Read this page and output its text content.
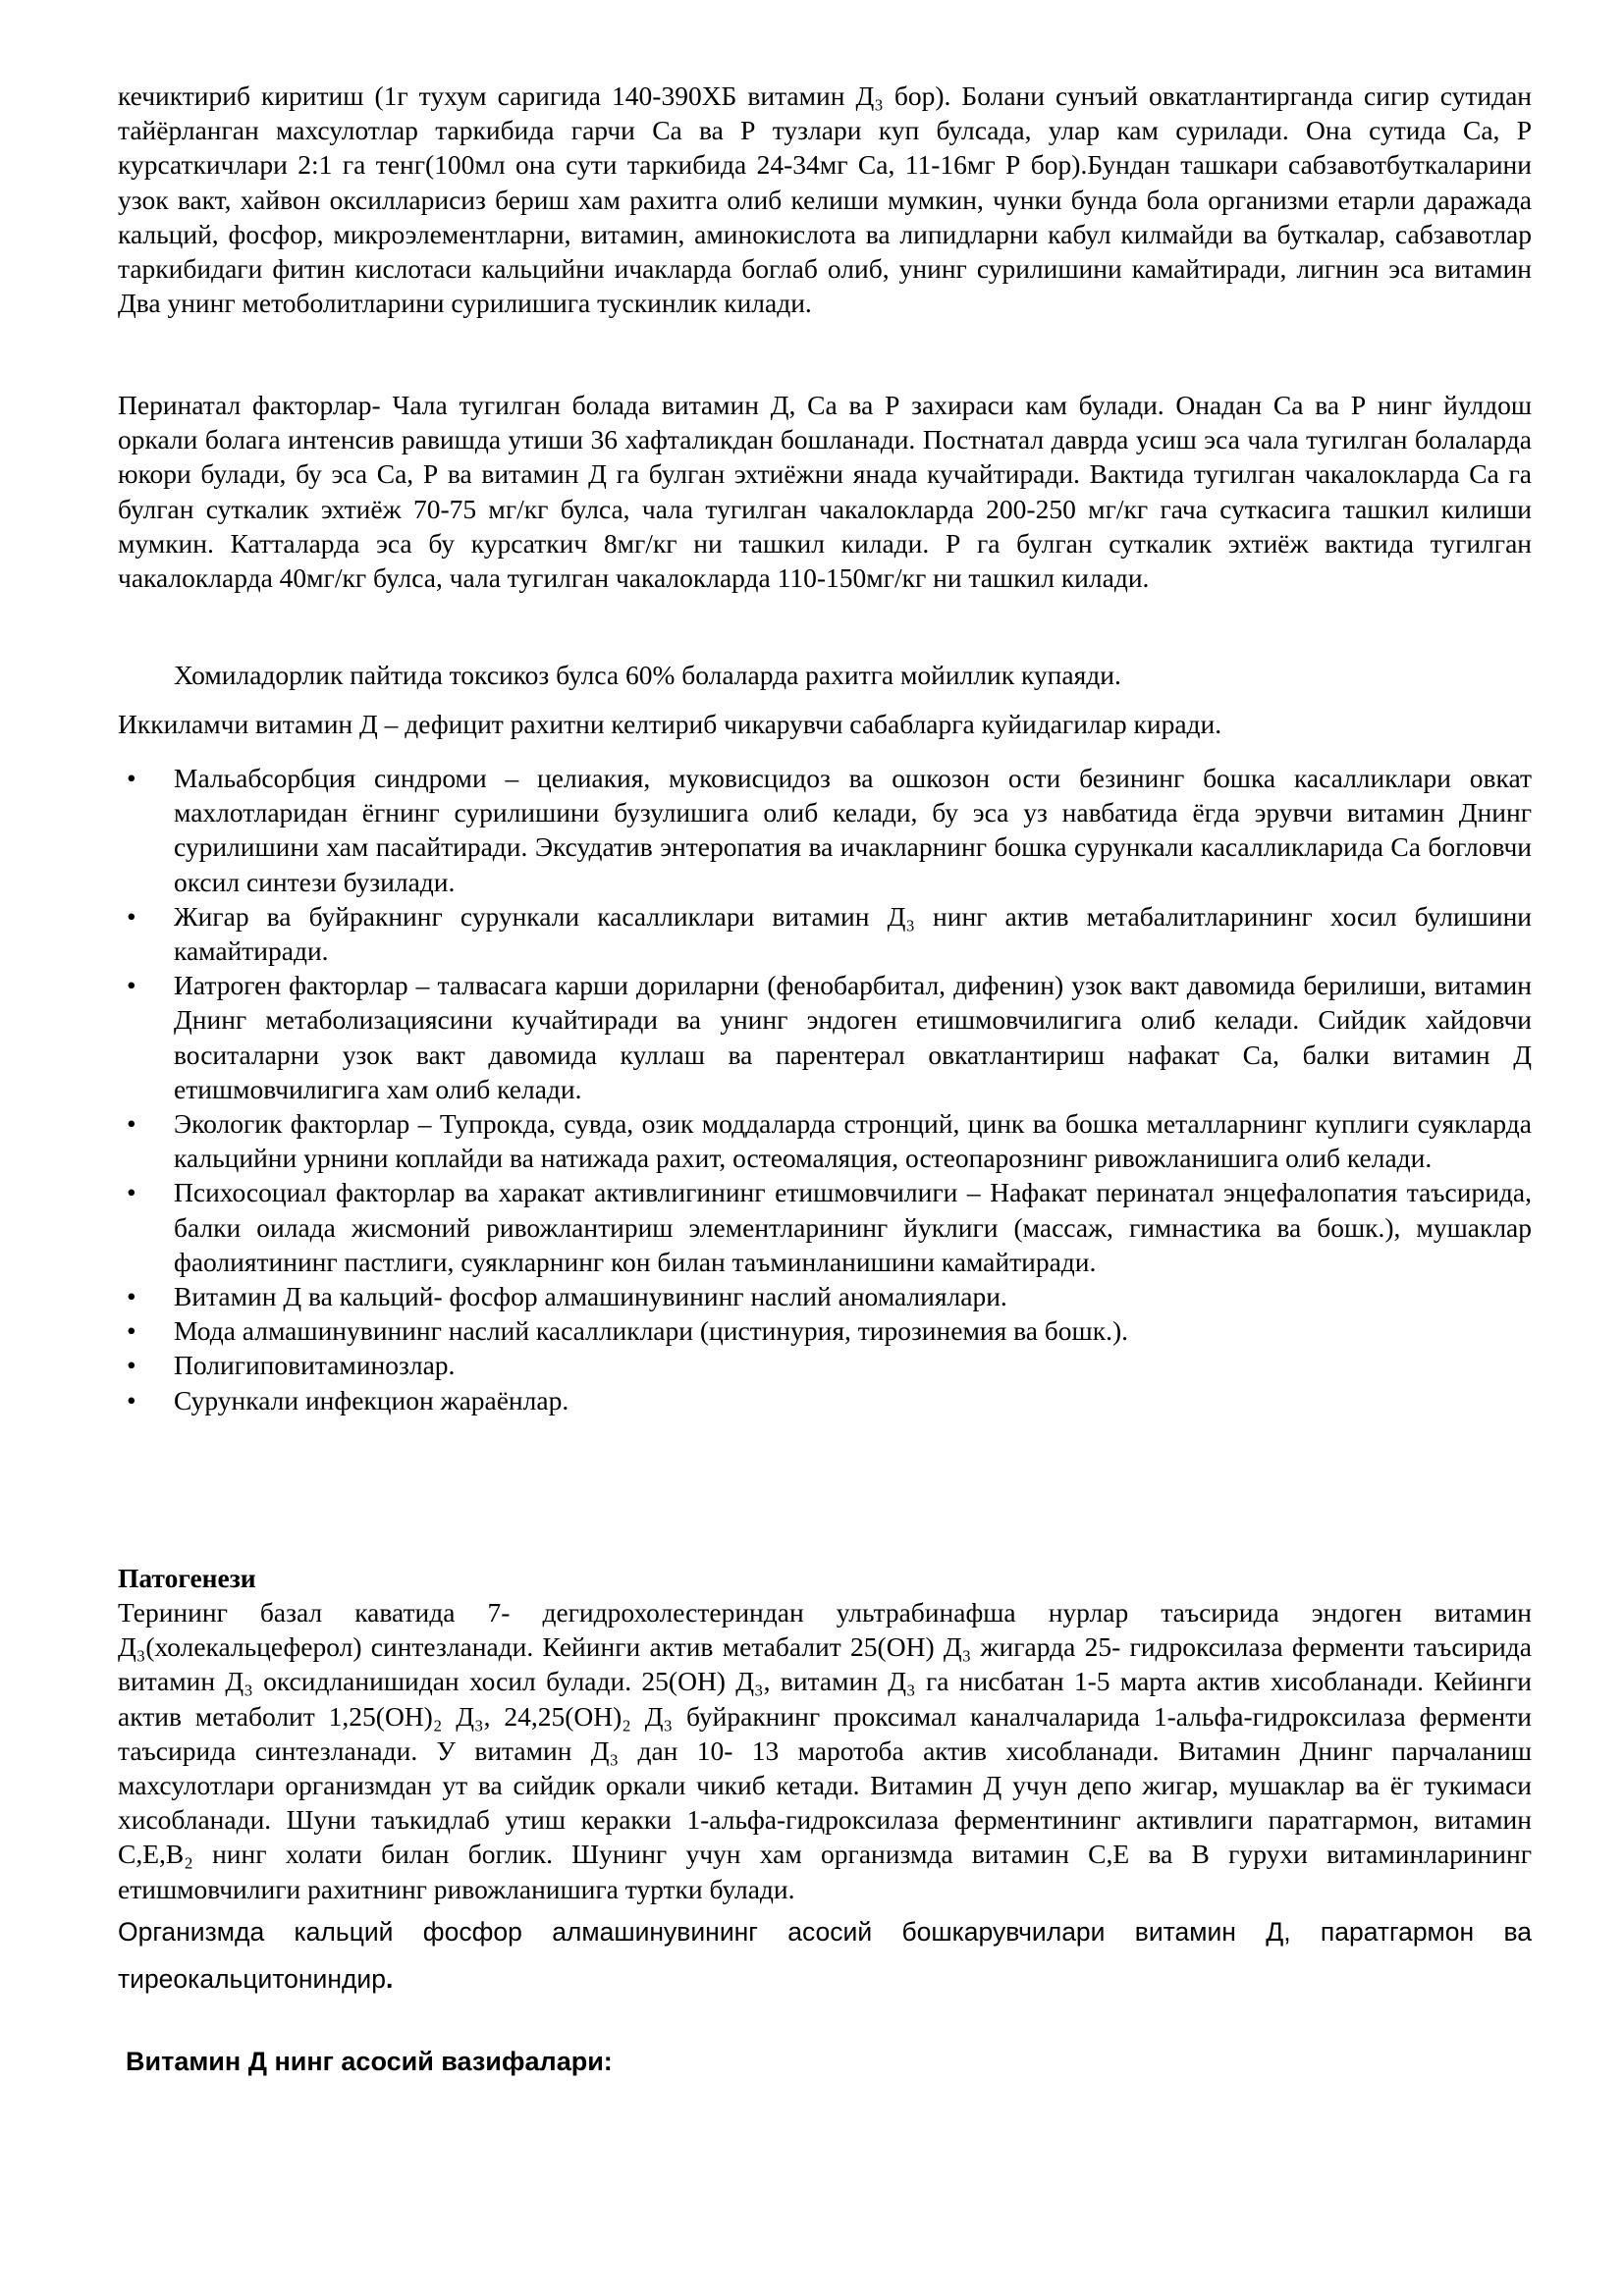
кечиктириб киритиш (1г тухум саригида 140-390ХБ витамин Д₃ бор). Болани сунъий овкатлантирганда сигир сутидан тайёрланган махсулотлар таркибида гарчи Са ва Р тузлари куп булсада, улар кам сурилади. Она сутида Са, Р курсаткичлари 2:1 га тенг(100мл она сути таркибида 24-34мг Са, 11-16мг Р бор).Бундан ташкари сабзавотбуткаларини узок вакт, хайвон оксилларисиз бериш хам рахитга олиб келиши мумкин, чунки бунда бола организми етарли даражада кальций, фосфор, микроэлементларни, витамин, аминокислота ва липидларни кабул килмайди ва буткалар, сабзавотлар таркибидаги фитин кислотаси кальцийни ичакларда боглаб олиб, унинг сурилишини камайтиради, лигнин эса витамин Два унинг метоболитларини сурилишига тускинлик килади.

Перинатал факторлар- Чала тугилган болада витамин Д, Са ва Р захираси кам булади. Онадан Са ва Р нинг йулдош оркали болага интенсив равишда утиши 36 хафталикдан бошланади. Постнатал даврда усиш эса чала тугилган болаларда юкори булади, бу эса Са, Р ва витамин Д га булган эхтиёжни янада кучайтиради. Вактида тугилган чакалокларда Са га булган суткалик эхтиёж 70-75 мг/кг булса, чала тугилган чакалокларда 200-250 мг/кг гача суткасига ташкил килиши мумкин. Катталарда эса бу курсаткич 8мг/кг ни ташкил килади. Р га булган суткалик эхтиёж вактида тугилган чакалокларда 40мг/кг булса, чала тугилган чакалокларда 110-150мг/кг ни ташкил килади.

Хомиладорлик пайтида токсикоз булса 60% болаларда рахитга мойиллик купаяди.

Иккиламчи витамин Д – дефицит рахитни келтириб чикарувчи сабабларга куйидагилар киради.

• Мальабсорбция синдроми – целиакия, муковисцидоз ва ошкозон ости безининг бошка касалликлари овкат махлотларидан ёгнинг сурилишини бузулишига олиб келади, бу эса уз навбатида ёгда эрувчи витамин Днинг сурилишини хам пасайтиради. Эксудатив энтеропатия ва ичакларнинг бошка сурункали касалликларида Са богловчи оксил синтези бузилади.
• Жигар ва буйракнинг сурункали касалликлари витамин Д₃ нинг актив метабалитларининг хосил булишини камайтиради.
• Иатроген факторлар – талвасага карши дориларни (фенобарбитал, дифенин) узок вакт давомида берилиши, витамин Днинг метаболизациясини кучайтиради ва унинг эндоген етишмовчилигига олиб келади. Сийдик хайдовчи воситаларни узок вакт давомида куллаш ва парентерал овкатлантириш нафакат Са, балки витамин Д етишмовчилигига хам олиб келади.
• Экологик факторлар – Тупрокда, сувда, озик моддаларда стронций, цинк ва бошка металларнинг куплиги суякларда кальцийни урнини коплайди ва натижада рахит, остеомаляция, остеопарознинг ривожланишига олиб келади.
• Психосоциал факторлар ва харакат активлигининг етишмовчилиги – Нафакат перинатал энцефалопатия таъсирида, балки оилада жисмоний ривожлантириш элементларининг йуклиги (массаж, гимнастика ва бошк.), мушаклар фаолиятининг пастлиги, суякларнинг кон билан таъминланишини камайтиради.
• Витамин Д ва кальций- фосфор алмашинувининг наслий аномалиялари.
• Мода алмашинувининг наслий касалликлари (цистинурия, тирозинемия ва бошк.).
• Полигиповитаминозлар.
• Сурункали инфекцион жараёнлар.

Патогенези

Терининг базал каватида 7- дегидрохолестериндан ультрабинафша нурлар таъсирида эндоген витамин Д₃(холекальцеферол) синтезланади. Кейинги актив метабалит 25(ОН) Д₃ жигарда 25- гидроксилаза ферменти таъсирида витамин Д₃ оксидланишидан хосил булади. 25(ОН) Д₃, витамин Д₃ га нисбатан 1-5 марта актив хисобланади. Кейинги актив метаболит 1,25(ОН)₂ Д₃, 24,25(ОН)₂ Д₃ буйракнинг проксимал каналчаларида 1-альфа-гидроксилаза ферменти таъсирида синтезланади. У витамин Д₃ дан 10- 13 маротоба актив хисобланади. Витамин Днинг парчаланиш махсулотлари организмдан ут ва сийдик оркали чикиб кетади. Витамин Д учун депо жигар, мушаклар ва ёг тукимаси хисобланади. Шуни таъкидлаб утиш керакки 1-альфа-гидроксилаза ферментининг активлиги паратгармон, витамин С,Е,В₂ нинг холати билан боглик. Шунинг учун хам организмда витамин С,Е ва В гурухи витаминларининг етишмовчилиги рахитнинг ривожланишига туртки булади.

Организмда кальций фосфор алмашинувининг асосий бошкарувчилари витамин Д, паратгармон ва тиреокальцитониндир.

Витамин Д нинг асосий вазифалари:
